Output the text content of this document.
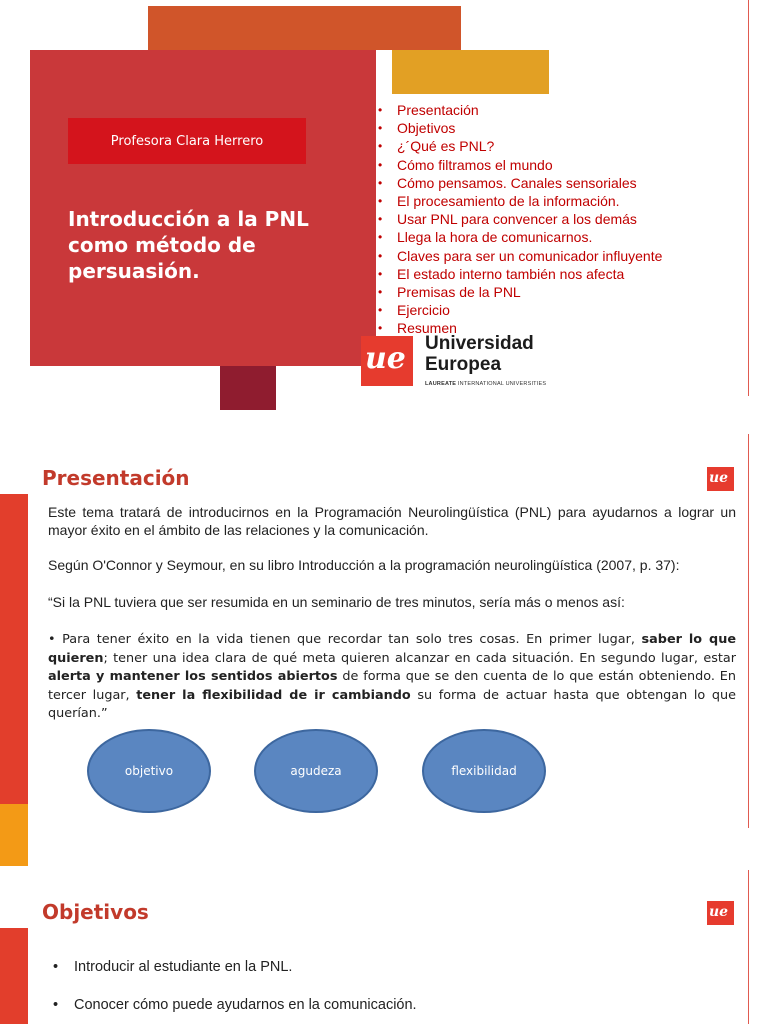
Profesora Clara Herrero
Introducción a la PNL como método de persuasión.
• Presentación
• Objetivos
• ¿´Qué es PNL?
• Cómo filtramos el mundo
• Cómo pensamos. Canales sensoriales
• El procesamiento de la información.
• Usar PNL para convencer a los demás
• Llega la hora de comunicarnos.
• Claves para ser un comunicador influyente
• El estado interno también nos afecta
• Premisas de la PNL
• Ejercicio
• Resumen
ue Universidad
Europea
LAUREATE INTERNATIONAL UNIVERSITIES
Presentación	ue
Este tema tratará de introducirnos en la Programación Neurolingüística (PNL) para ayudarnos a lograr un mayor éxito en el ámbito de las relaciones y la comunicación.
Según O'Connor y Seymour, en su libro Introducción a la programación neurolingüística (2007, p. 37):
“Si la PNL tuviera que ser resumida en un seminario de tres minutos, sería más o menos así:
• Para tener éxito en la vida tienen que recordar tan solo tres cosas. En primer lugar, saber lo que quieren; tener una idea clara de qué meta quieren alcanzar en cada situación. En segundo lugar, estar alerta y mantener los sentidos abiertos de forma que se den cuenta de lo que están obteniendo. En tercer lugar, tener la flexibilidad de ir cambiando su forma de actuar hasta que obtengan lo que querían.”
objetivo	agudeza	flexibilidad
Objetivos	ue
• Introducir al estudiante en la PNL.
• Conocer cómo puede ayudarnos en la comunicación.
